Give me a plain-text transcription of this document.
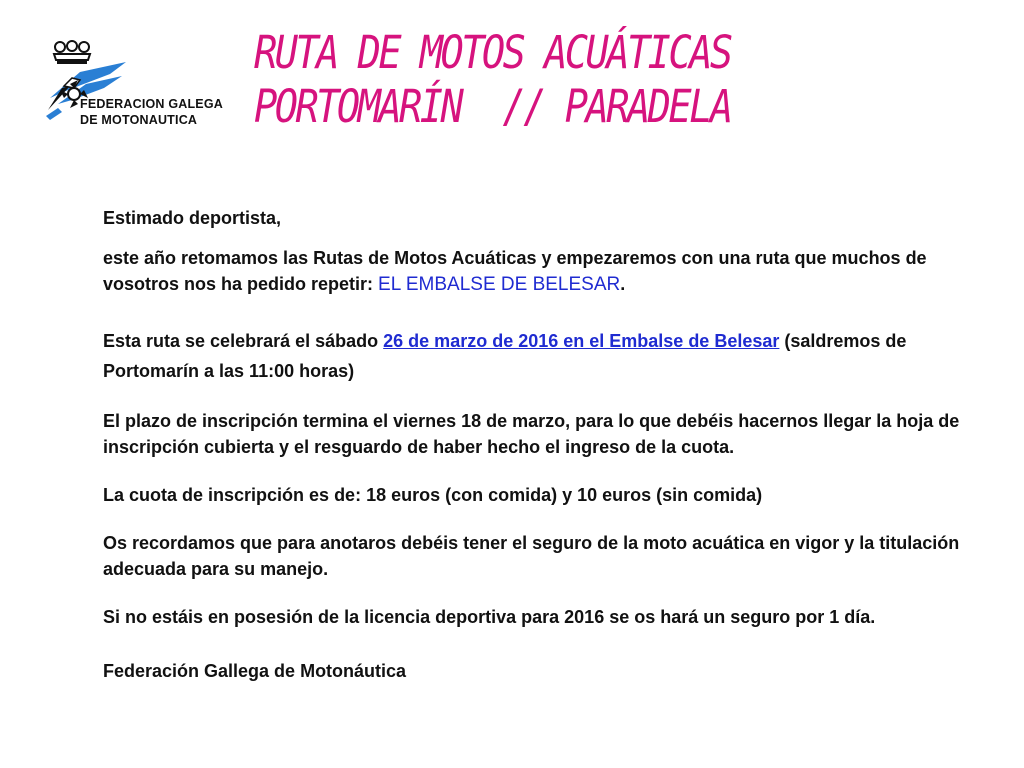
FEDERACION GALEGA
DE MOTONAUTICA
RUTA DE MOTOS ACUÁTICAS
PORTOMARÍN  // PARADELA

Estimado deportista,

este año retomamos las Rutas de Motos Acuáticas y empezaremos con una ruta que muchos de vosotros nos ha pedido repetir: EL EMBALSE DE BELESAR.

Esta ruta se celebrará el sábado 26 de marzo de 2016 en el Embalse de Belesar (saldremos de Portomarín a las 11:00 horas)

El plazo de inscripción termina el viernes 18 de marzo, para lo que debéis hacernos llegar la hoja de inscripción cubierta y el resguardo de haber hecho el ingreso de la cuota.

La cuota de inscripción es de: 18 euros (con comida) y 10 euros (sin comida)

Os recordamos que para anotaros debéis tener el seguro de la moto acuática en vigor y la titulación adecuada para su manejo.

Si no estáis en posesión de la licencia deportiva para 2016 se os hará un seguro por 1 día.

Federación Gallega de Motonáutica
